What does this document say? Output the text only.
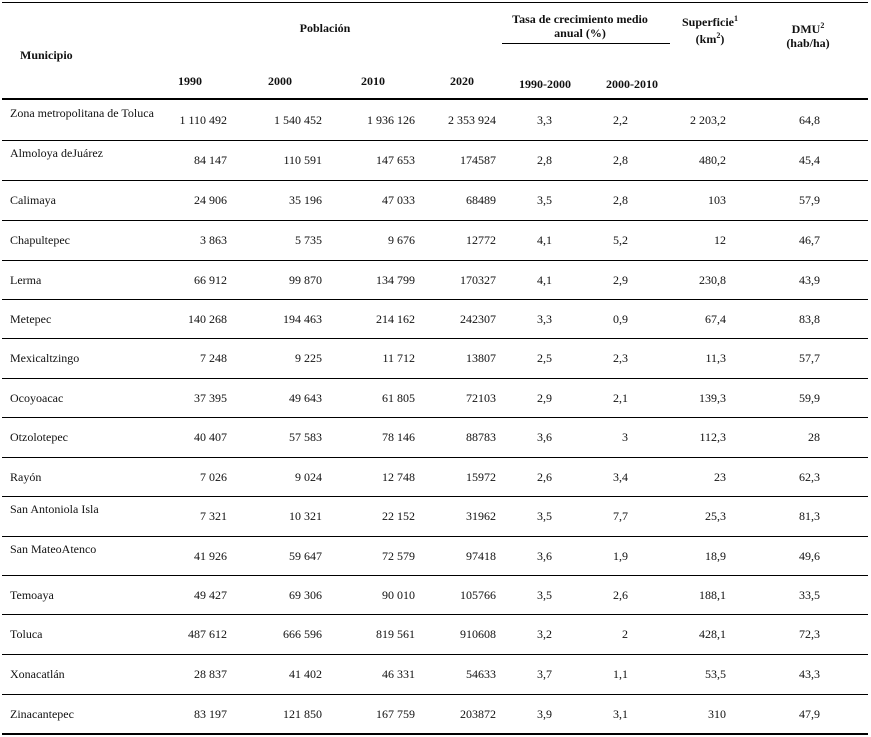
Municipio
Población
1990	2000	2010	2020
Tasa de crecimiento medio anual (%)
1990-2000	2000-2010
Superficie$^1$
$(km^2)$
DMU$^2$
(hab/ha)
Zona metropolitana de Toluca	1 110 492	1 540 452	1 936 126	2 353 924	3,3	2,2	2 203,2	64,8
Almoloya deJuárez	84 147	110 591	147 653	174587	2,8	2,8	480,2	45,4
Calimaya	24 906	35 196	47 033	68489	3,5	2,8	103	57,9
Chapultepec	3 863	5 735	9 676	12772	4,1	5,2	12	46,7
Lerma	66 912	99 870	134 799	170327	4,1	2,9	230,8	43,9
Metepec	140 268	194 463	214 162	242307	3,3	0,9	67,4	83,8
Mexicaltzingo	7 248	9 225	11 712	13807	2,5	2,3	11,3	57,7
Ocoyoacac	37 395	49 643	61 805	72103	2,9	2,1	139,3	59,9
Otzolotepec	40 407	57 583	78 146	88783	3,6	3	112,3	28
Rayón	7 026	9 024	12 748	15972	2,6	3,4	23	62,3
San Antoniola Isla	7 321	10 321	22 152	31962	3,5	7,7	25,3	81,3
San MateoAtenco	41 926	59 647	72 579	97418	3,6	1,9	18,9	49,6
Temoaya	49 427	69 306	90 010	105766	3,5	2,6	188,1	33,5
Toluca	487 612	666 596	819 561	910608	3,2	2	428,1	72,3
Xonacatlán	28 837	41 402	46 331	54633	3,7	1,1	53,5	43,3
Zinacantepec	83 197	121 850	167 759	203872	3,9	3,1	310	47,9
